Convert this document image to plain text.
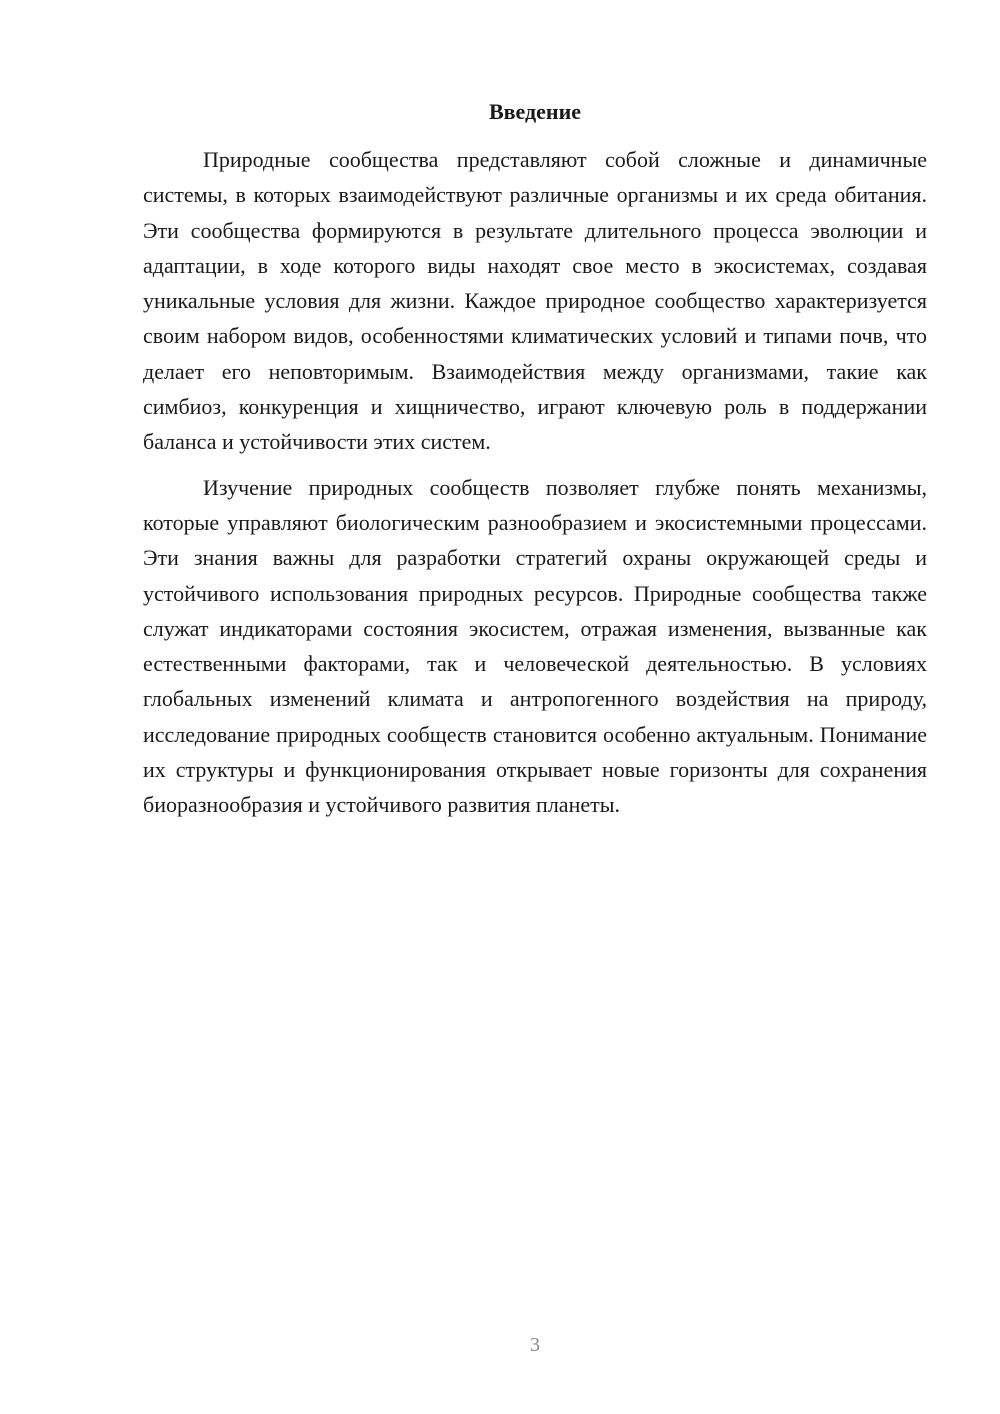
Введение

Природные сообщества представляют собой сложные и динамичные системы, в которых взаимодействуют различные организмы и их среда обитания. Эти сообщества формируются в результате длительного процесса эволюции и адаптации, в ходе которого виды находят свое место в экосистемах, создавая уникальные условия для жизни. Каждое природное сообщество характеризуется своим набором видов, особенностями климатических условий и типами почв, что делает его неповторимым. Взаимодействия между организмами, такие как симбиоз, конкуренция и хищничество, играют ключевую роль в поддержании баланса и устойчивости этих систем.

Изучение природных сообществ позволяет глубже понять механизмы, которые управляют биологическим разнообразием и экосистемными процессами. Эти знания важны для разработки стратегий охраны окружающей среды и устойчивого использования природных ресурсов. Природные сообщества также служат индикаторами состояния экосистем, отражая изменения, вызванные как естественными факторами, так и человеческой деятельностью. В условиях глобальных изменений климата и антропогенного воздействия на природу, исследование природных сообществ становится особенно актуальным. Понимание их структуры и функционирования открывает новые горизонты для сохранения биоразнообразия и устойчивого развития планеты.

3
